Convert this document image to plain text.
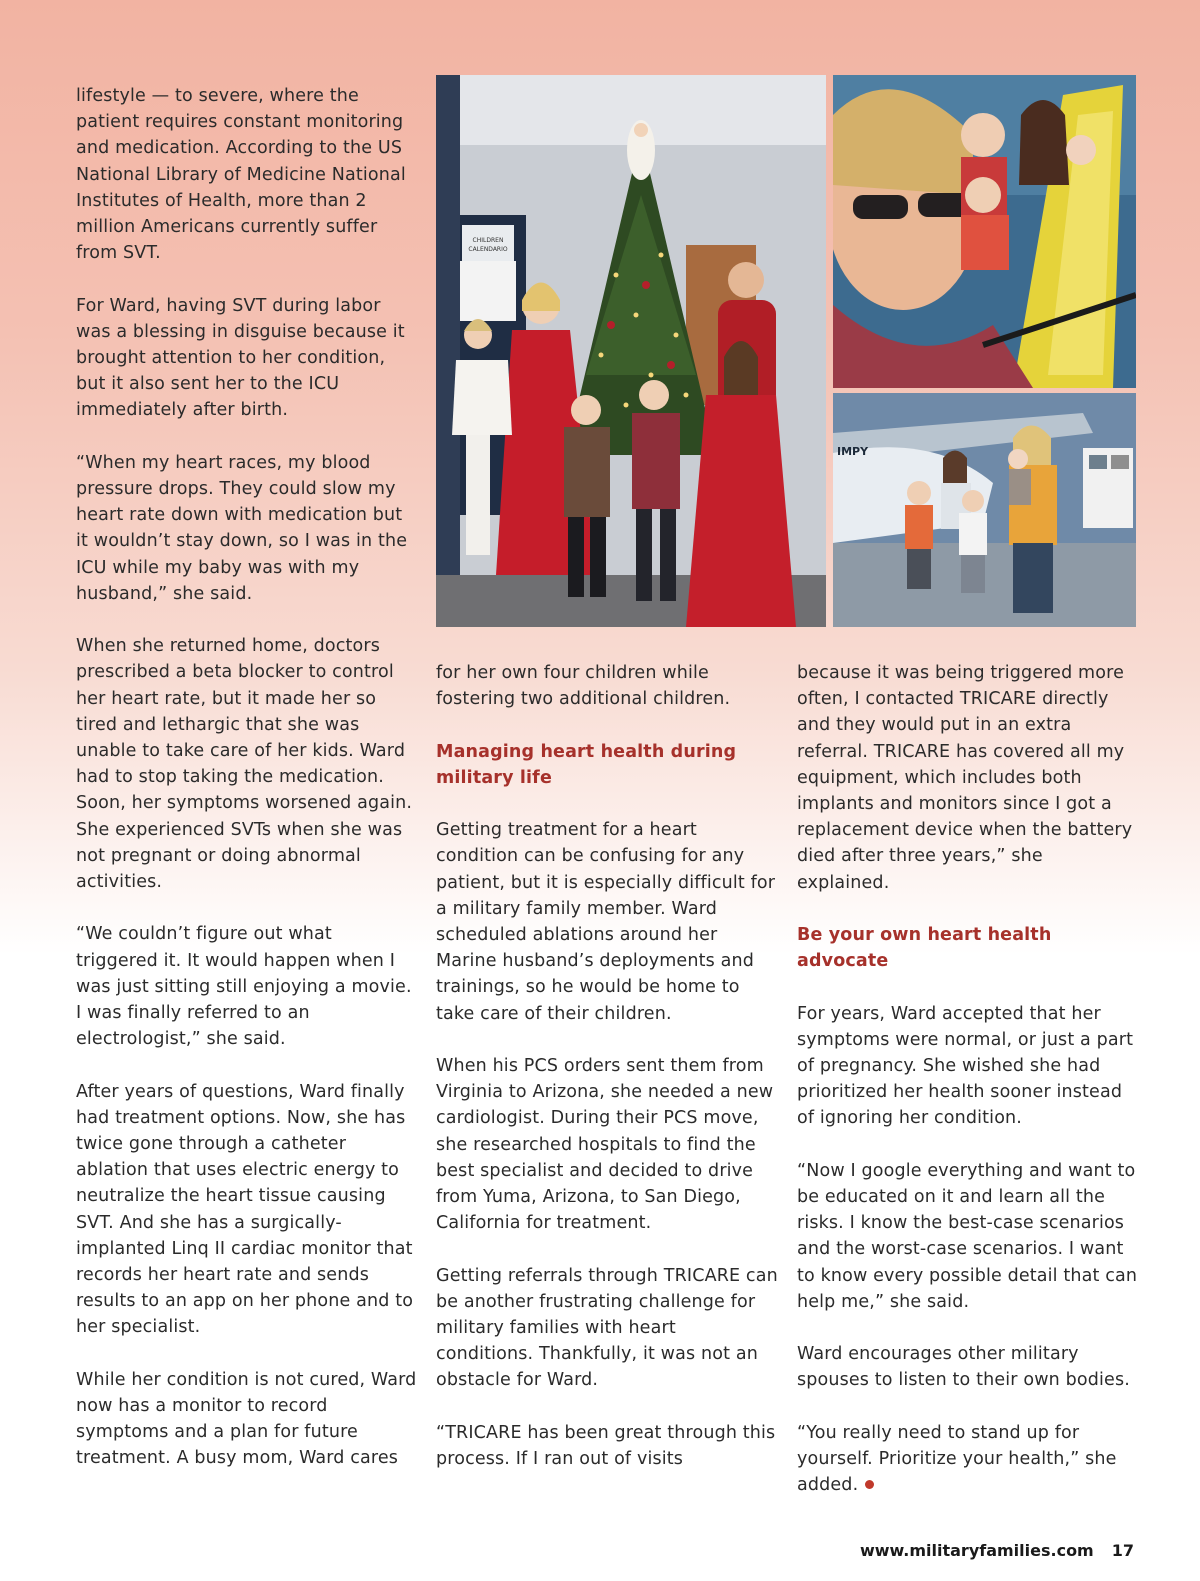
lifestyle — to severe, where the patient requires constant monitoring and medication. According to the US National Library of Medicine National Institutes of Health, more than 2 million Americans currently suffer from SVT.

For Ward, having SVT during labor was a blessing in disguise because it brought attention to her condition, but it also sent her to the ICU immediately after birth.

“When my heart races, my blood pressure drops. They could slow my heart rate down with medication but it wouldn’t stay down, so I was in the ICU while my baby was with my husband,” she said.

When she returned home, doctors prescribed a beta blocker to control her heart rate, but it made her so tired and lethargic that she was unable to take care of her kids. Ward had to stop taking the medication. Soon, her symptoms worsened again. She experienced SVTs when she was not pregnant or doing abnormal activities.

“We couldn’t figure out what triggered it. It would happen when I was just sitting still enjoying a movie. I was finally referred to an electrologist,” she said.

After years of questions, Ward finally had treatment options. Now, she has twice gone through a catheter ablation that uses electric energy to neutralize the heart tissue causing SVT. And she has a surgically-implanted Linq II cardiac monitor that records her heart rate and sends results to an app on her phone and to her specialist.

While her condition is not cured, Ward now has a monitor to record symptoms and a plan for future treatment. A busy mom, Ward cares

CHILDREN
CALENDARIO
IMPY

for her own four children while fostering two additional children.

Managing heart health during military life

Getting treatment for a heart condition can be confusing for any patient, but it is especially difficult for a military family member. Ward scheduled ablations around her Marine husband’s deployments and trainings, so he would be home to take care of their children.

When his PCS orders sent them from Virginia to Arizona, she needed a new cardiologist. During their PCS move, she researched hospitals to find the best specialist and decided to drive from Yuma, Arizona, to San Diego, California for treatment.

Getting referrals through TRICARE can be another frustrating challenge for military families with heart conditions. Thankfully, it was not an obstacle for Ward.

“TRICARE has been great through this process. If I ran out of visits

because it was being triggered more often, I contacted TRICARE directly and they would put in an extra referral. TRICARE has covered all my equipment, which includes both implants and monitors since I got a replacement device when the battery died after three years,” she explained.

Be your own heart health advocate

For years, Ward accepted that her symptoms were normal, or just a part of pregnancy. She wished she had prioritized her health sooner instead of ignoring her condition.

“Now I google everything and want to be educated on it and learn all the risks. I know the best-case scenarios and the worst-case scenarios. I want to know every possible detail that can help me,” she said.

Ward encourages other military spouses to listen to their own bodies.

“You really need to stand up for yourself. Prioritize your health,” she added.

www.militaryfamilies.com 17
